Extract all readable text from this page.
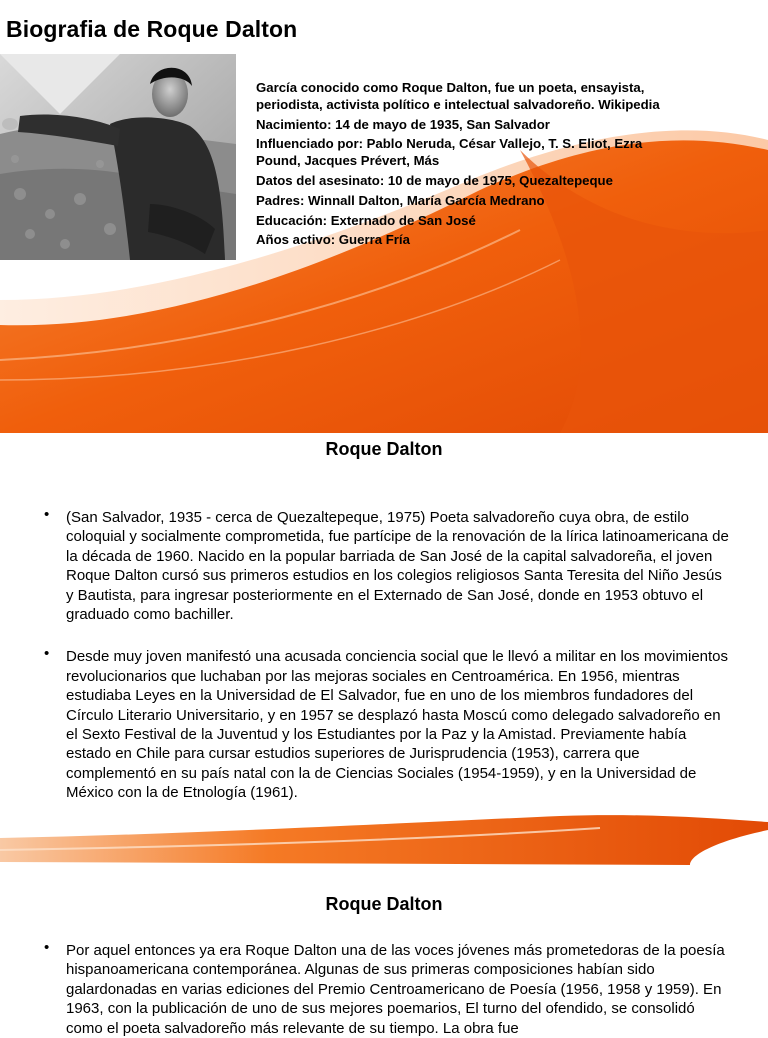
Biografia de Roque Dalton

García conocido como Roque Dalton, fue un poeta, ensayista, periodista, activista político e intelectual salvadoreño. Wikipedia

Nacimiento: 14 de mayo de 1935, San Salvador

Influenciado por: Pablo Neruda, César Vallejo, T. S. Eliot, Ezra Pound, Jacques Prévert, Más

Datos del asesinato: 10 de mayo de 1975, Quezaltepeque

Padres: Winnall Dalton, María García Medrano

Educación: Externado de San José

Años activo: Guerra Fría

Roque Dalton
• (San Salvador, 1935 - cerca de Quezaltepeque, 1975) Poeta salvadoreño cuya obra, de estilo coloquial y socialmente comprometida, fue partícipe de la renovación de la lírica latinoamericana de la década de 1960. Nacido en la popular barriada de San José de la capital salvadoreña, el joven Roque Dalton cursó sus primeros estudios en los colegios religiosos Santa Teresita del Niño Jesús y Bautista, para ingresar posteriormente en el Externado de San José, donde en 1953 obtuvo el graduado como bachiller.
• Desde muy joven manifestó una acusada conciencia social que le llevó a militar en los movimientos revolucionarios que luchaban por las mejoras sociales en Centroamérica. En 1956, mientras estudiaba Leyes en la Universidad de El Salvador, fue en uno de los miembros fundadores del Círculo Literario Universitario, y en 1957 se desplazó hasta Moscú como delegado salvadoreño en el Sexto Festival de la Juventud y los Estudiantes por la Paz y la Amistad. Previamente había estado en Chile para cursar estudios superiores de Jurisprudencia (1953), carrera que complementó en su país natal con la de Ciencias Sociales (1954-1959), y en la Universidad de México con la de Etnología (1961).
Roque Dalton
• Por aquel entonces ya era Roque Dalton una de las voces jóvenes más prometedoras de la poesía hispanoamericana contemporánea. Algunas de sus primeras composiciones habían sido galardonadas en varias ediciones del Premio Centroamericano de Poesía (1956, 1958 y 1959). En 1963, con la publicación de uno de sus mejores poemarios, El turno del ofendido, se consolidó como el poeta salvadoreño más relevante de su tiempo. La obra fue
